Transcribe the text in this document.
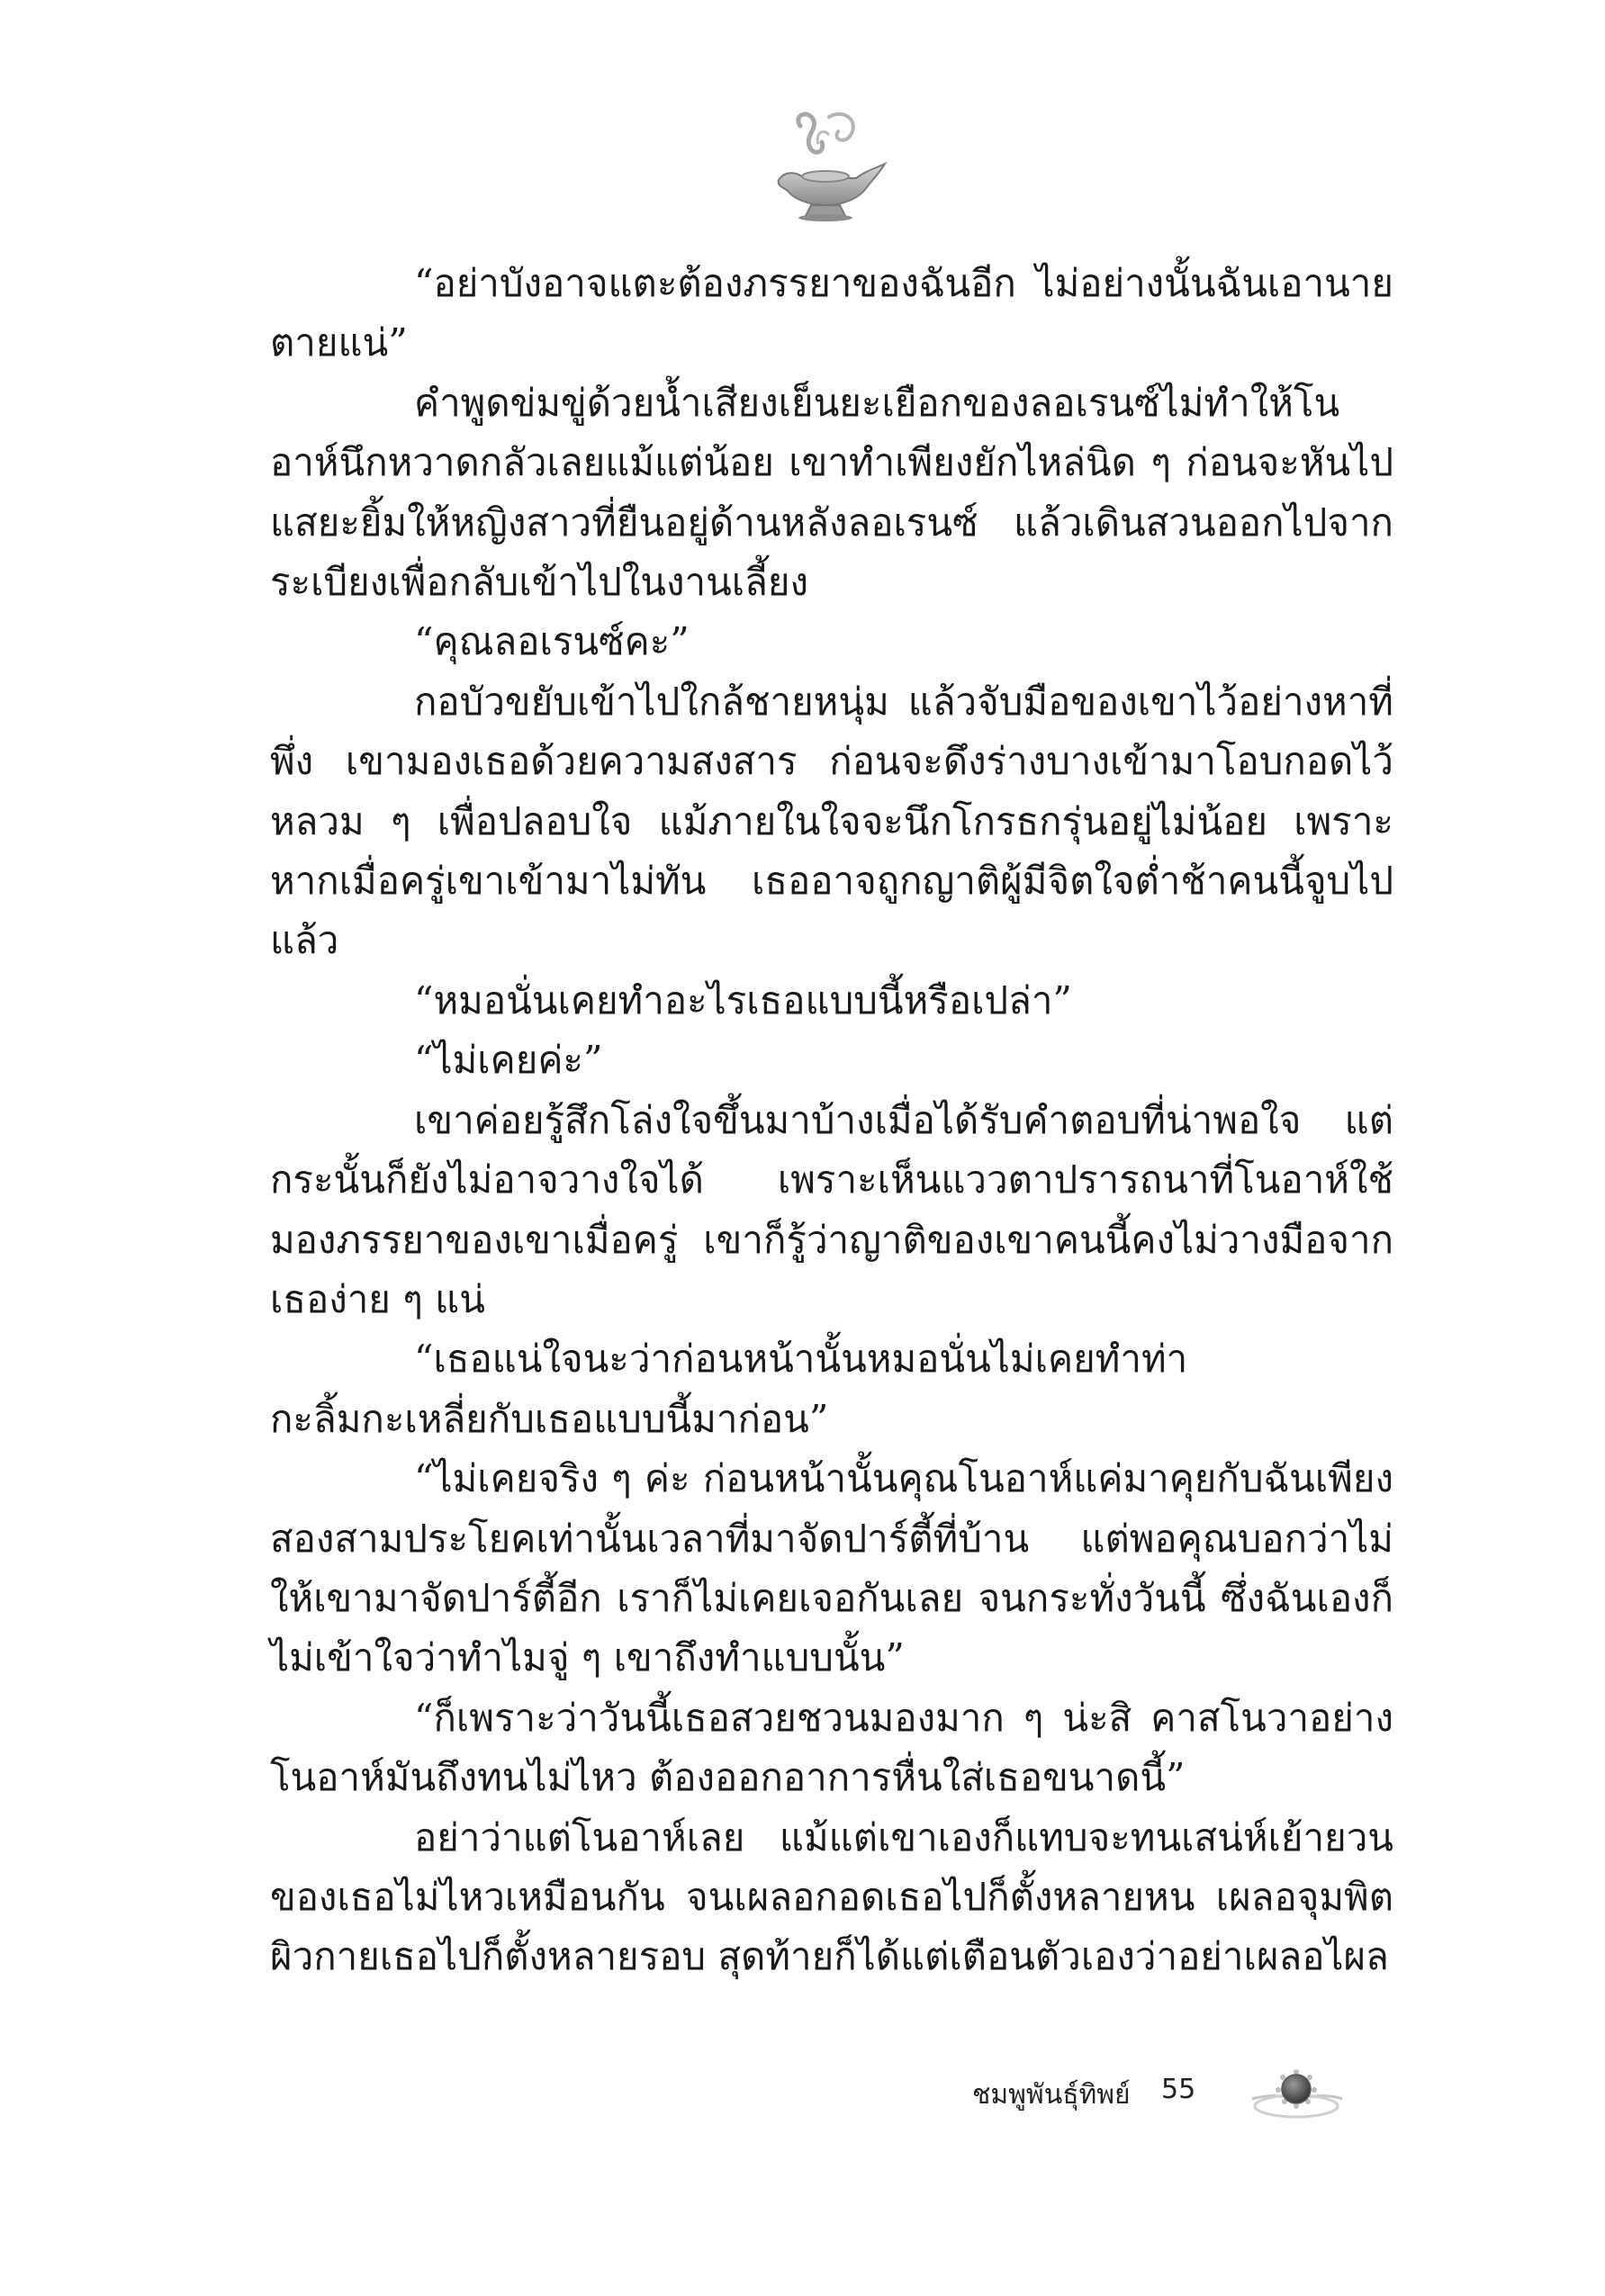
“อย่าบังอาจแตะต้องภรรยาของฉันอีก ไม่อย่างนั้นฉันเอานายตายแน่”

คำพูดข่มขู่ด้วยน้ำเสียงเย็นยะเยือกของลอเรนซ์ไม่ทำให้โนอาห์นึกหวาดกลัวเลยแม้แต่น้อย เขาทำเพียงยักไหล่นิด ๆ ก่อนจะหันไปแสยะยิ้มให้หญิงสาวที่ยืนอยู่ด้านหลังลอเรนซ์ แล้วเดินสวนออกไปจากระเบียงเพื่อกลับเข้าไปในงานเลี้ยง

“คุณลอเรนซ์คะ”

กอบัวขยับเข้าไปใกล้ชายหนุ่ม แล้วจับมือของเขาไว้อย่างหาที่พึ่ง เขามองเธอด้วยความสงสาร ก่อนจะดึงร่างบางเข้ามาโอบกอดไว้หลวม ๆ เพื่อปลอบใจ แม้ภายในใจจะนึกโกรธกรุ่นอยู่ไม่น้อย เพราะหากเมื่อครู่เขาเข้ามาไม่ทัน เธออาจถูกญาติผู้มีจิตใจต่ำช้าคนนี้จูบไปแล้ว

“หมอนั่นเคยทำอะไรเธอแบบนี้หรือเปล่า”

“ไม่เคยค่ะ”

เขาค่อยรู้สึกโล่งใจขึ้นมาบ้างเมื่อได้รับคำตอบที่น่าพอใจ แต่กระนั้นก็ยังไม่อาจวางใจได้ เพราะเห็นแววตาปรารถนาที่โนอาห์ใช้มองภรรยาของเขาเมื่อครู่ เขาก็รู้ว่าญาติของเขาคนนี้คงไม่วางมือจากเธอง่าย ๆ แน่

“เธอแน่ใจนะว่าก่อนหน้านั้นหมอนั่นไม่เคยทำท่ากะลิ้มกะเหลี่ยกับเธอแบบนี้มาก่อน”

“ไม่เคยจริง ๆ ค่ะ ก่อนหน้านั้นคุณโนอาห์แค่มาคุยกับฉันเพียงสองสามประโยคเท่านั้นเวลาที่มาจัดปาร์ตี้ที่บ้าน แต่พอคุณบอกว่าไม่ให้เขามาจัดปาร์ตี้อีก เราก็ไม่เคยเจอกันเลย จนกระทั่งวันนี้ ซึ่งฉันเองก็ไม่เข้าใจว่าทำไมจู่ ๆ เขาถึงทำแบบนั้น”

“ก็เพราะว่าวันนี้เธอสวยชวนมองมาก ๆ น่ะสิ คาสโนวาอย่างโนอาห์มันถึงทนไม่ไหว ต้องออกอาการหื่นใส่เธอขนาดนี้”

อย่าว่าแต่โนอาห์เลย แม้แต่เขาเองก็แทบจะทนเสน่ห์เย้ายวนของเธอไม่ไหวเหมือนกัน จนเผลอกอดเธอไปก็ตั้งหลายหน เผลอจุมพิตผิวกายเธอไปก็ตั้งหลายรอบ สุดท้ายก็ได้แต่เตือนตัวเองว่าอย่าเผลอไผล

ชมพูพันธุ์ทิพย์ 55
